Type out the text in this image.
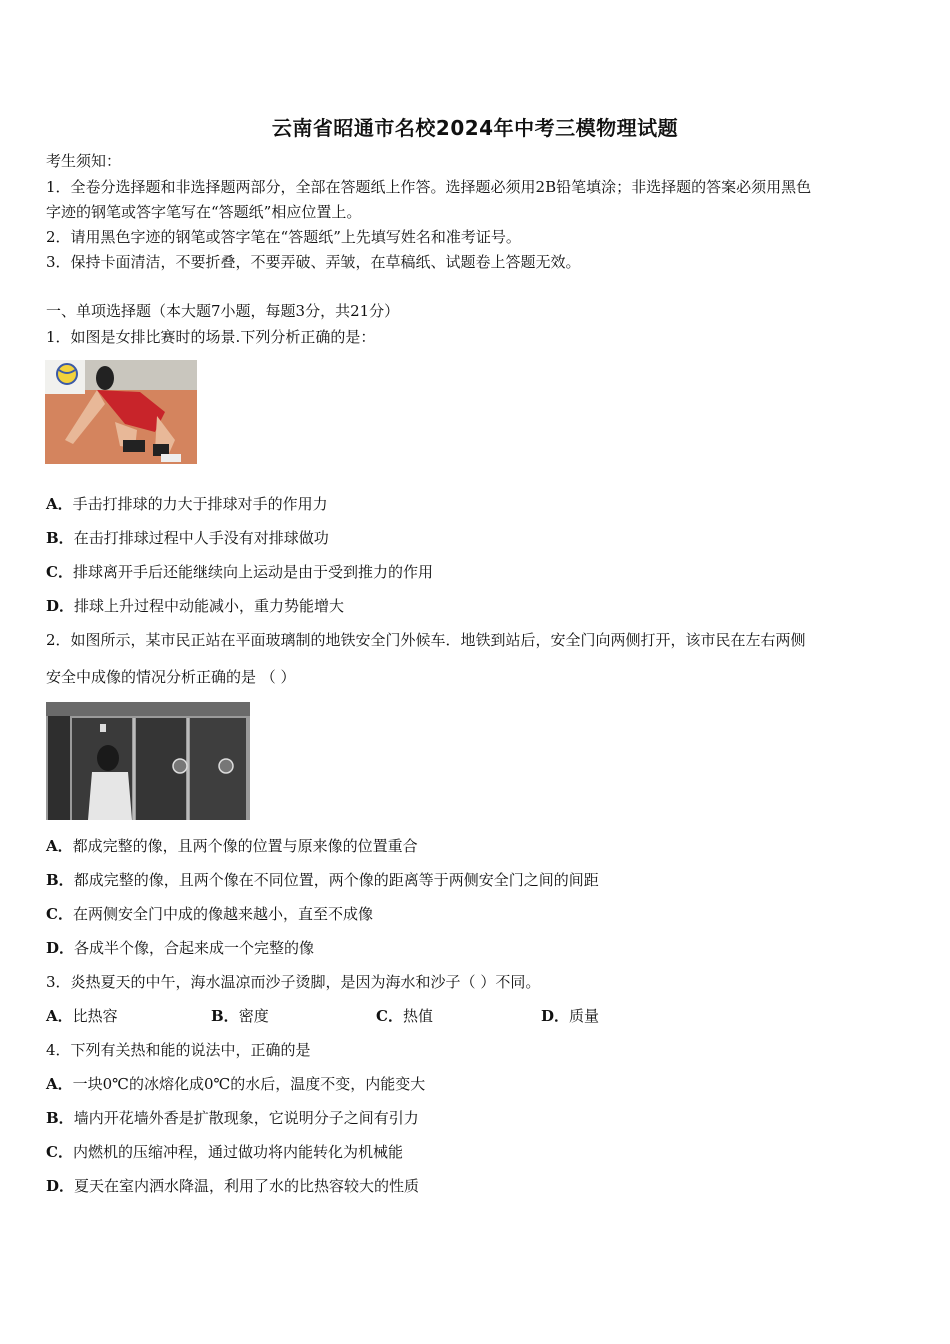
云南省昭通市名校2024年中考三模物理试题
考生须知：
1．全卷分选择题和非选择题两部分，全部在答题纸上作答。选择题必须用2B铅笔填涂；非选择题的答案必须用黑色
字迹的钢笔或答字笔写在“答题纸”相应位置上。
2．请用黑色字迹的钢笔或答字笔在“答题纸”上先填写姓名和准考证号。
3．保持卡面清洁，不要折叠，不要弄破、弄皱，在草稿纸、试题卷上答题无效。
一、单项选择题（本大题7小题，每题3分，共21分）
1．如图是女排比赛时的场景.下列分析正确的是：
A．手击打排球的力大于排球对手的作用力
B．在击打排球过程中人手没有对排球做功
C．排球离开手后还能继续向上运动是由于受到推力的作用
D．排球上升过程中动能减小，重力势能增大
2．如图所示，某市民正站在平面玻璃制的地铁安全门外候车．地铁到站后，安全门向两侧打开，该市民在左右两侧
安全中成像的情况分析正确的是 （ ）
A．都成完整的像，且两个像的位置与原来像的位置重合
B．都成完整的像，且两个像在不同位置，两个像的距离等于两侧安全门之间的间距
C．在两侧安全门中成的像越来越小，直至不成像
D．各成半个像，合起来成一个完整的像
3．炎热夏天的中午，海水温凉而沙子烫脚，是因为海水和沙子（ ）不同。
A．比热容	B．密度	C．热值	D．质量
4．下列有关热和能的说法中，正确的是
A．一块0℃的冰熔化成0℃的水后，温度不变，内能变大
B．墙内开花墙外香是扩散现象，它说明分子之间有引力
C．内燃机的压缩冲程，通过做功将内能转化为机械能
D．夏天在室内洒水降温，利用了水的比热容较大的性质
